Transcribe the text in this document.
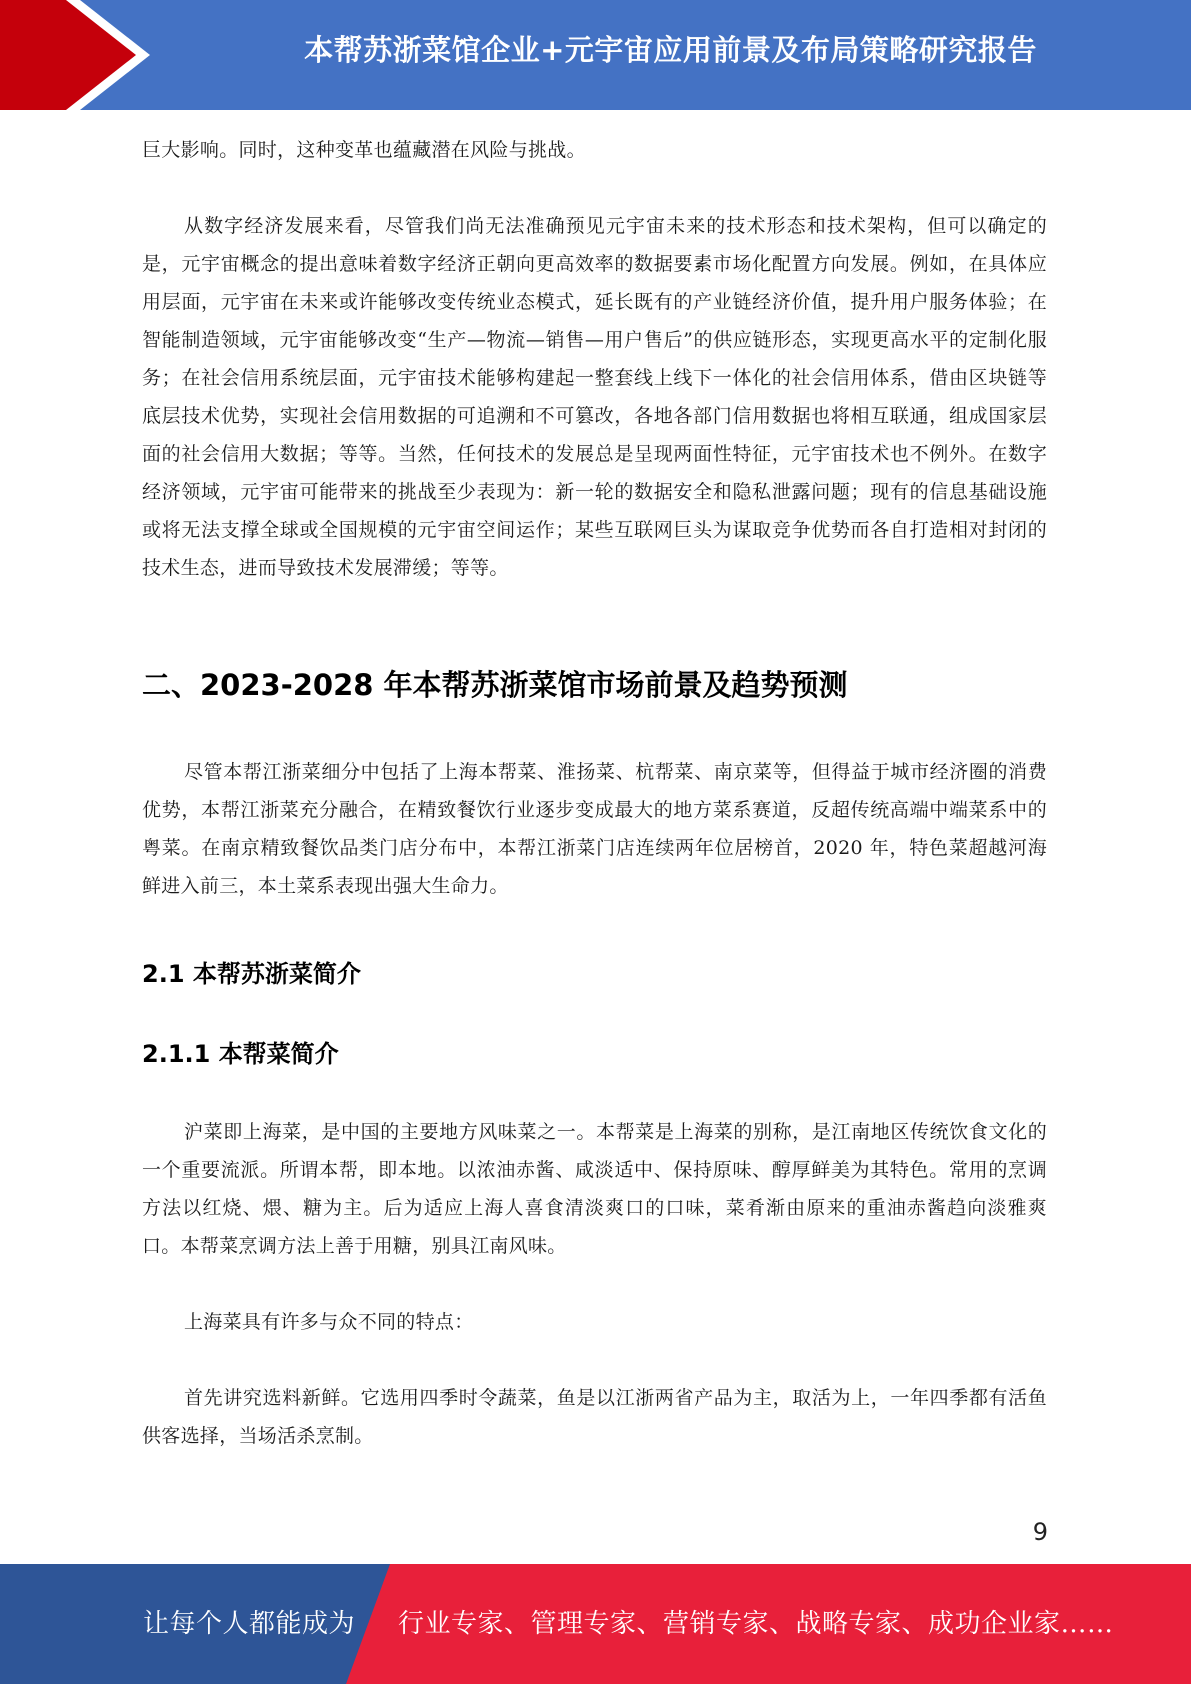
本帮苏浙菜馆企业+元宇宙应用前景及布局策略研究报告

巨大影响。同时，这种变革也蕴藏潜在风险与挑战。

从数字经济发展来看，尽管我们尚无法准确预见元宇宙未来的技术形态和技术架构，但可以确定的是，元宇宙概念的提出意味着数字经济正朝向更高效率的数据要素市场化配置方向发展。例如，在具体应用层面，元宇宙在未来或许能够改变传统业态模式，延长既有的产业链经济价值，提升用户服务体验；在智能制造领域，元宇宙能够改变“生产—物流—销售—用户售后”的供应链形态，实现更高水平的定制化服务；在社会信用系统层面，元宇宙技术能够构建起一整套线上线下一体化的社会信用体系，借由区块链等底层技术优势，实现社会信用数据的可追溯和不可篡改，各地各部门信用数据也将相互联通，组成国家层面的社会信用大数据；等等。当然，任何技术的发展总是呈现两面性特征，元宇宙技术也不例外。在数字经济领域，元宇宙可能带来的挑战至少表现为：新一轮的数据安全和隐私泄露问题；现有的信息基础设施或将无法支撑全球或全国规模的元宇宙空间运作；某些互联网巨头为谋取竞争优势而各自打造相对封闭的技术生态，进而导致技术发展滞缓；等等。

二、2023-2028 年本帮苏浙菜馆市场前景及趋势预测

尽管本帮江浙菜细分中包括了上海本帮菜、淮扬菜、杭帮菜、南京菜等，但得益于城市经济圈的消费优势，本帮江浙菜充分融合，在精致餐饮行业逐步变成最大的地方菜系赛道，反超传统高端中端菜系中的粤菜。在南京精致餐饮品类门店分布中，本帮江浙菜门店连续两年位居榜首，2020 年，特色菜超越河海鲜进入前三，本土菜系表现出强大生命力。

2.1 本帮苏浙菜简介
2.1.1 本帮菜简介

沪菜即上海菜，是中国的主要地方风味菜之一。本帮菜是上海菜的别称，是江南地区传统饮食文化的一个重要流派。所谓本帮，即本地。以浓油赤酱、咸淡适中、保持原味、醇厚鲜美为其特色。常用的烹调方法以红烧、煨、糖为主。后为适应上海人喜食清淡爽口的口味，菜肴渐由原来的重油赤酱趋向淡雅爽口。本帮菜烹调方法上善于用糖，别具江南风味。

上海菜具有许多与众不同的特点：

首先讲究选料新鲜。它选用四季时令蔬菜，鱼是以江浙两省产品为主，取活为上，一年四季都有活鱼供客选择，当场活杀烹制。

9
让每个人都能成为 行业专家、管理专家、营销专家、战略专家、成功企业家……
